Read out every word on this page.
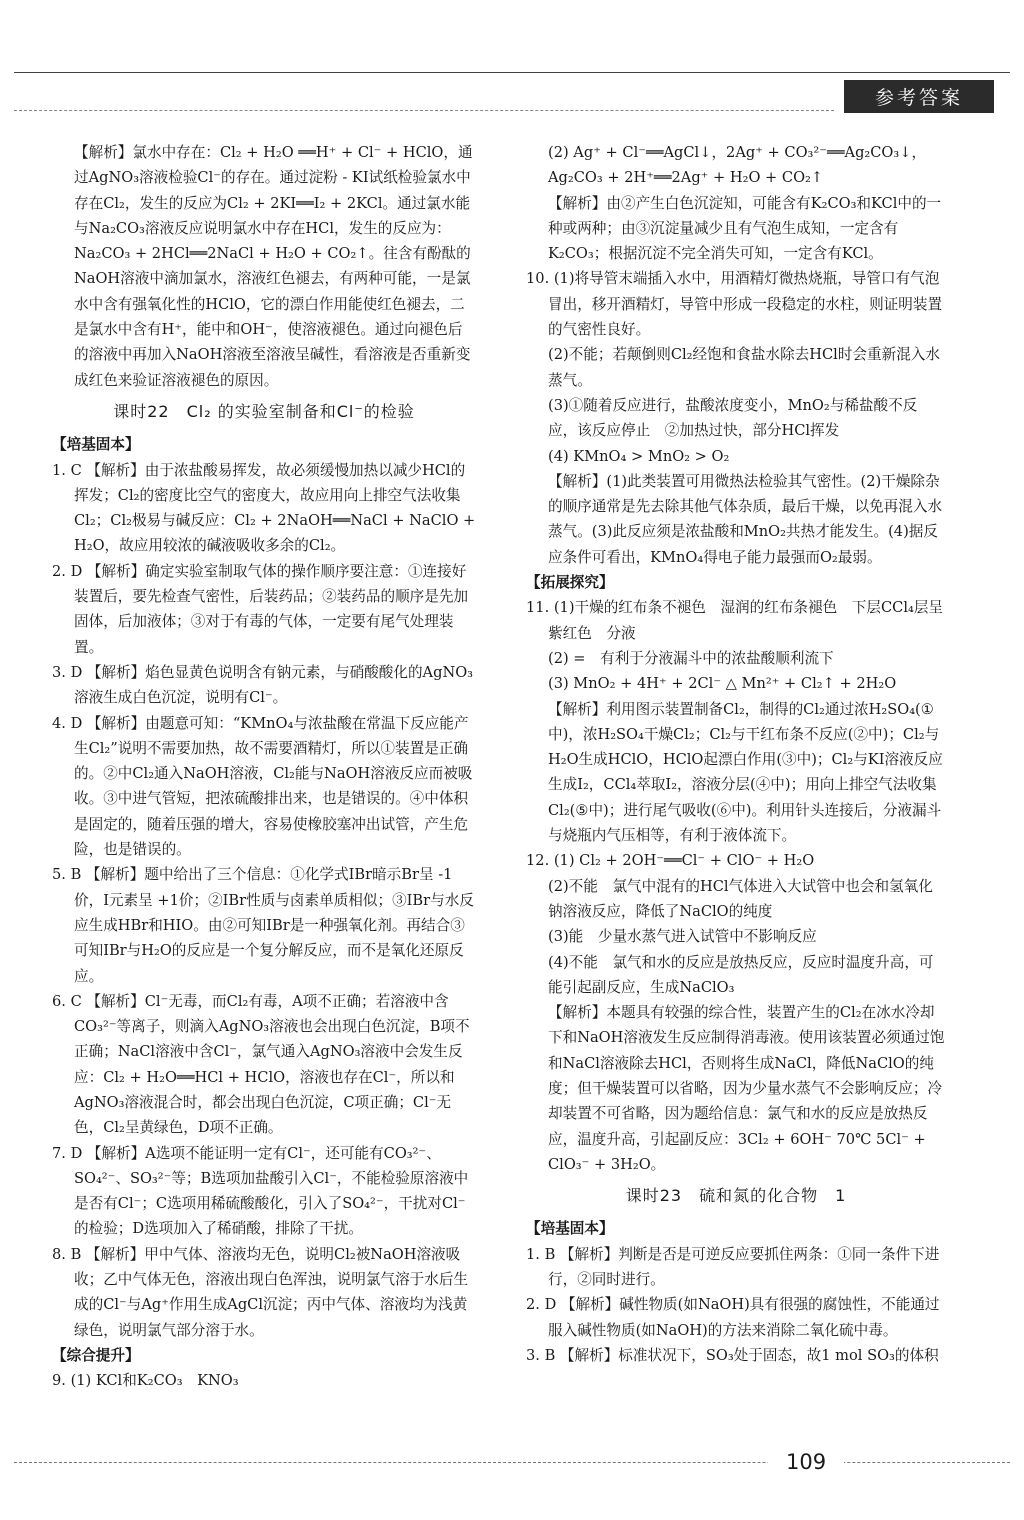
参考答案

【解析】氯水中存在：Cl₂ + H₂O ══H⁺ + Cl⁻ + HClO，通过AgNO₃溶液检验Cl⁻的存在。通过淀粉 - KI试纸检验氯水中存在Cl₂，发生的反应为Cl₂ + 2KI══I₂ + 2KCl。通过氯水能与Na₂CO₃溶液反应说明氯水中存在HCl，发生的反应为：Na₂CO₃ + 2HCl══2NaCl + H₂O + CO₂↑。往含有酚酞的NaOH溶液中滴加氯水，溶液红色褪去，有两种可能，一是氯水中含有强氧化性的HClO，它的漂白作用能使红色褪去，二是氯水中含有H⁺，能中和OH⁻，使溶液褪色。通过向褪色后的溶液中再加入NaOH溶液至溶液呈碱性，看溶液是否重新变成红色来验证溶液褪色的原因。

课时22　Cl₂ 的实验室制备和Cl⁻的检验

【培基固本】

1. C 【解析】由于浓盐酸易挥发，故必须缓慢加热以减少HCl的挥发；Cl₂的密度比空气的密度大，故应用向上排空气法收集Cl₂；Cl₂极易与碱反应：Cl₂ + 2NaOH══NaCl + NaClO + H₂O，故应用较浓的碱液吸收多余的Cl₂。

2. D 【解析】确定实验室制取气体的操作顺序要注意：①连接好装置后，要先检查气密性，后装药品；②装药品的顺序是先加固体，后加液体；③对于有毒的气体，一定要有尾气处理装置。

3. D 【解析】焰色显黄色说明含有钠元素，与硝酸酸化的AgNO₃溶液生成白色沉淀，说明有Cl⁻。

4. D 【解析】由题意可知：“KMnO₄与浓盐酸在常温下反应能产生Cl₂”说明不需要加热，故不需要酒精灯，所以①装置是正确的。②中Cl₂通入NaOH溶液，Cl₂能与NaOH溶液反应而被吸收。③中进气管短，把浓硫酸排出来，也是错误的。④中体积是固定的，随着压强的增大，容易使橡胶塞冲出试管，产生危险，也是错误的。

5. B 【解析】题中给出了三个信息：①化学式IBr暗示Br呈 -1价，I元素呈 +1价；②IBr性质与卤素单质相似；③IBr与水反应生成HBr和HIO。由②可知IBr是一种强氧化剂。再结合③可知IBr与H₂O的反应是一个复分解反应，而不是氧化还原反应。

6. C 【解析】Cl⁻无毒，而Cl₂有毒，A项不正确；若溶液中含CO₃²⁻等离子，则滴入AgNO₃溶液也会出现白色沉淀，B项不正确；NaCl溶液中含Cl⁻，氯气通入AgNO₃溶液中会发生反应：Cl₂ + H₂O══HCl + HClO，溶液也存在Cl⁻，所以和AgNO₃溶液混合时，都会出现白色沉淀，C项正确；Cl⁻无色，Cl₂呈黄绿色，D项不正确。

7. D 【解析】A选项不能证明一定有Cl⁻，还可能有CO₃²⁻、SO₄²⁻、SO₃²⁻等；B选项加盐酸引入Cl⁻，不能检验原溶液中是否有Cl⁻；C选项用稀硫酸酸化，引入了SO₄²⁻，干扰对Cl⁻的检验；D选项加入了稀硝酸，排除了干扰。

8. B 【解析】甲中气体、溶液均无色，说明Cl₂被NaOH溶液吸收；乙中气体无色，溶液出现白色浑浊，说明氯气溶于水后生成的Cl⁻与Ag⁺作用生成AgCl沉淀；丙中气体、溶液均为浅黄绿色，说明氯气部分溶于水。

【综合提升】

9. (1) KCl和K₂CO₃　KNO₃

(2) Ag⁺ + Cl⁻══AgCl↓，2Ag⁺ + CO₃²⁻══Ag₂CO₃↓，Ag₂CO₃ + 2H⁺══2Ag⁺ + H₂O + CO₂↑

【解析】由②产生白色沉淀知，可能含有K₂CO₃和KCl中的一种或两种；由③沉淀量减少且有气泡生成知，一定含有K₂CO₃；根据沉淀不完全消失可知，一定含有KCl。

10. (1)将导管末端插入水中，用酒精灯微热烧瓶，导管口有气泡冒出，移开酒精灯，导管中形成一段稳定的水柱，则证明装置的气密性良好。

(2)不能；若颠倒则Cl₂经饱和食盐水除去HCl时会重新混入水蒸气。

(3)①随着反应进行，盐酸浓度变小，MnO₂与稀盐酸不反应，该反应停止　②加热过快，部分HCl挥发

(4) KMnO₄ > MnO₂ > O₂

【解析】(1)此类装置可用微热法检验其气密性。(2)干燥除杂的顺序通常是先去除其他气体杂质，最后干燥，以免再混入水蒸气。(3)此反应须是浓盐酸和MnO₂共热才能发生。(4)据反应条件可看出，KMnO₄得电子能力最强而O₂最弱。

【拓展探究】

11. (1)干燥的红布条不褪色　湿润的红布条褪色　下层CCl₄层呈紫红色　分液

(2) =　有利于分液漏斗中的浓盐酸顺利流下

(3) MnO₂ + 4H⁺ + 2Cl⁻ △ Mn²⁺ + Cl₂↑ + 2H₂O

【解析】利用图示装置制备Cl₂，制得的Cl₂通过浓H₂SO₄(①中)，浓H₂SO₄干燥Cl₂；Cl₂与干红布条不反应(②中)；Cl₂与H₂O生成HClO，HClO起漂白作用(③中)；Cl₂与KI溶液反应生成I₂，CCl₄萃取I₂，溶液分层(④中)；用向上排空气法收集Cl₂(⑤中)；进行尾气吸收(⑥中)。利用针头连接后，分液漏斗与烧瓶内气压相等，有利于液体流下。

12. (1) Cl₂ + 2OH⁻══Cl⁻ + ClO⁻ + H₂O

(2)不能　氯气中混有的HCl气体进入大试管中也会和氢氧化钠溶液反应，降低了NaClO的纯度

(3)能　少量水蒸气进入试管中不影响反应

(4)不能　氯气和水的反应是放热反应，反应时温度升高，可能引起副反应，生成NaClO₃

【解析】本题具有较强的综合性，装置产生的Cl₂在冰水冷却下和NaOH溶液发生反应制得消毒液。使用该装置必须通过饱和NaCl溶液除去HCl，否则将生成NaCl，降低NaClO的纯度；但干燥装置可以省略，因为少量水蒸气不会影响反应；冷却装置不可省略，因为题给信息：氯气和水的反应是放热反应，温度升高，引起副反应：3Cl₂ + 6OH⁻ 70℃ 5Cl⁻ + ClO₃⁻ + 3H₂O。

课时23　硫和氮的化合物　1

【培基固本】

1. B 【解析】判断是否是可逆反应要抓住两条：①同一条件下进行，②同时进行。

2. D 【解析】碱性物质(如NaOH)具有很强的腐蚀性，不能通过服入碱性物质(如NaOH)的方法来消除二氧化硫中毒。

3. B 【解析】标准状况下，SO₃处于固态，故1 mol SO₃的体积

109
